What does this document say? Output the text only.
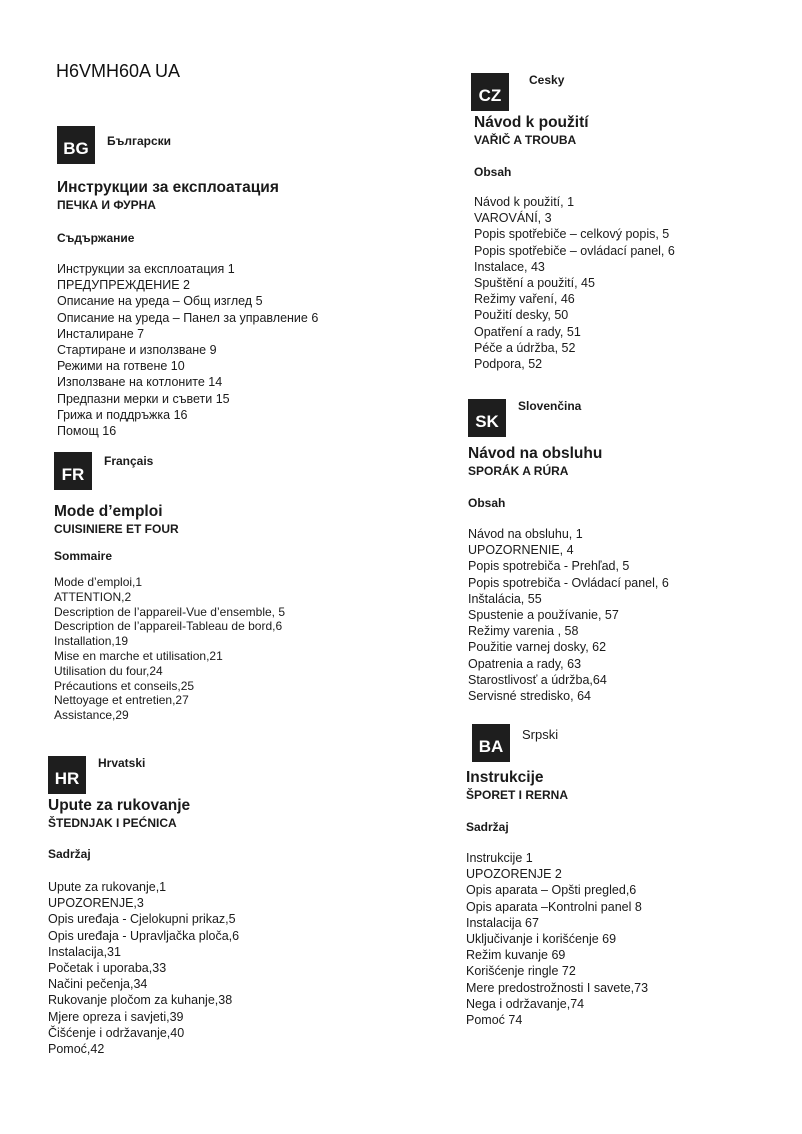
H6VMH60A UA
BG	Български
Инструкции за експлоатация
ПЕЧКА И ФУРНА
Съдържание
Инструкции за експлоатация 1
ПРЕДУПРЕЖДЕНИЕ 2
Описание на уреда – Общ изглед 5
Описание на уреда – Панел за управление 6
Инсталиране 7
Стартиране и използване 9
Режими на готвене 10
Използване на котлоните 14
Предпазни мерки и съвети 15
Грижа и поддръжка 16
Помощ 16
FR
Français
Mode d’emploi
CUISINIERE ET FOUR
Sommaire
Mode d’emploi,1
ATTENTION,2
Description de l’appareil-Vue d’ensemble, 5
Description de l’appareil-Tableau de bord,6
Installation,19
Mise en marche et utilisation,21
Utilisation du four,24
Précautions et conseils,25
Nettoyage et entretien,27
Assistance,29
HR
Hrvatski
Upute za rukovanje
ŠTEDNJAK I PEĆNICA
Sadržaj
Upute za rukovanje,1
UPOZORENJE,3
Opis uređaja - Cjelokupni prikaz,5
Opis uređaja - Upravljačka ploča,6
Instalacija,31
Početak i uporaba,33
Načini pečenja,34
Rukovanje pločom za kuhanje,38
Mjere opreza i savjeti,39
Čišćenje i održavanje,40
Pomoć,42
CZ
Cesky
Návod k použití
VAŘIČ A TROUBA
Obsah
Návod k použití, 1
VAROVÁNÍ, 3
Popis spotřebiče – celkový popis, 5
Popis spotřebiče – ovládací panel, 6
Instalace, 43
Spuštění a použití, 45
Režimy vaření, 46
Použití desky, 50
Opatření a rady, 51
Péče a údržba, 52
Podpora, 52
SK
Slovenčina
Návod na obsluhu
SPORÁK A RÚRA
Obsah
Návod na obsluhu, 1
UPOZORNENIE, 4
Popis spotrebiča - Prehľad, 5
Popis spotrebiča - Ovládací panel, 6
Inštalácia, 55
Spustenie a používanie, 57
Režimy varenia , 58
Použitie varnej dosky, 62
Opatrenia a rady, 63
Starostlivosť a údržba,64
Servisné stredisko, 64
BA
Srpski
Instrukcije
ŠPORET I RERNA
Sadržaj
Instrukcije 1
UPOZORENJE 2
Opis aparata – Opšti pregled,6
Opis aparata –Kontrolni panel 8
Instalacija 67
Uključivanje i korišćenje 69
Režim kuvanje 69
Korišćenje ringle 72
Mere predostrožnosti I savete,73
Nega i održavanje,74
Pomoć 74
